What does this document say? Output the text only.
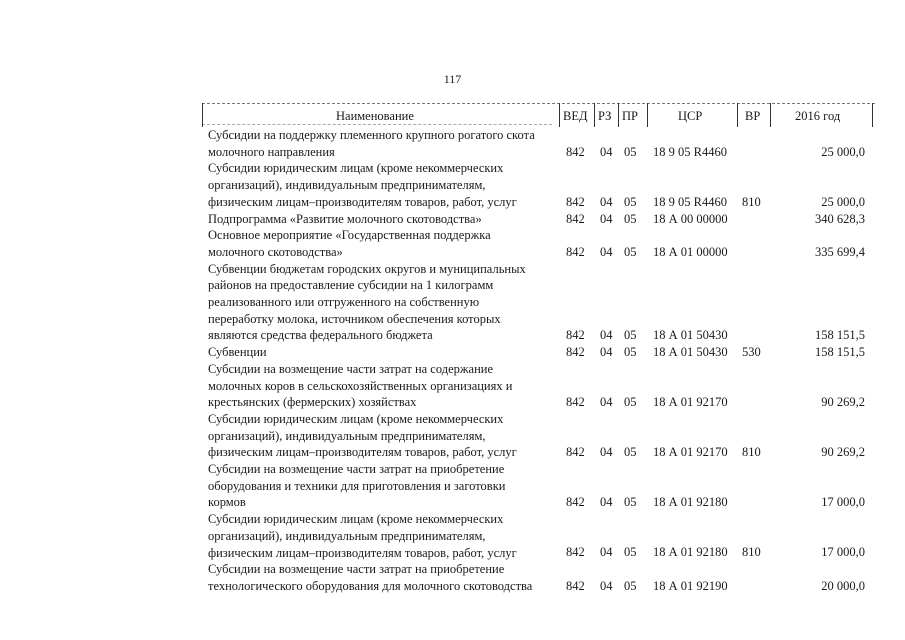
117
Наименование	ВЕД РЗ ПР	ЦСР	ВР	2016 год
Субсидии на поддержку племенного крупного рогатого скота
молочного направления	842 04 05 18 9 05 R4460	25 000,0
Субсидии юридическим лицам (кроме некоммерческих
организаций), индивидуальным предпринимателям,
физическим лицам–производителям товаров, работ, услуг	842 04 05 18 9 05 R4460 810	25 000,0
Подпрограмма «Развитие молочного скотоводства»	842 04 05 18 А 00 00000	340 628,3
Основное мероприятие «Государственная поддержка
молочного скотоводства»	842 04 05 18 А 01 00000	335 699,4
Субвенции бюджетам городских округов и муниципальных
районов на предоставление субсидии на 1 килограмм
реализованного или отгруженного на собственную
переработку молока, источником обеспечения которых
являются средства федерального бюджета	842 04 05 18 А 01 50430	158 151,5
Субвенции	842 04 05 18 А 01 50430 530	158 151,5
Субсидии на возмещение части затрат на содержание
молочных коров в сельскохозяйственных организациях и
крестьянских (фермерских) хозяйствах	842 04 05 18 А 01 92170	90 269,2
Субсидии юридическим лицам (кроме некоммерческих
организаций), индивидуальным предпринимателям,
физическим лицам–производителям товаров, работ, услуг	842 04 05 18 А 01 92170 810	90 269,2
Субсидии на возмещение части затрат на приобретение
оборудования и техники для приготовления и заготовки
кормов	842 04 05 18 А 01 92180	17 000,0
Субсидии юридическим лицам (кроме некоммерческих
организаций), индивидуальным предпринимателям,
физическим лицам–производителям товаров, работ, услуг	842 04 05 18 А 01 92180 810	17 000,0
Субсидии на возмещение части затрат на приобретение
технологического оборудования для молочного скотоводства	842 04 05 18 А 01 92190	20 000,0
